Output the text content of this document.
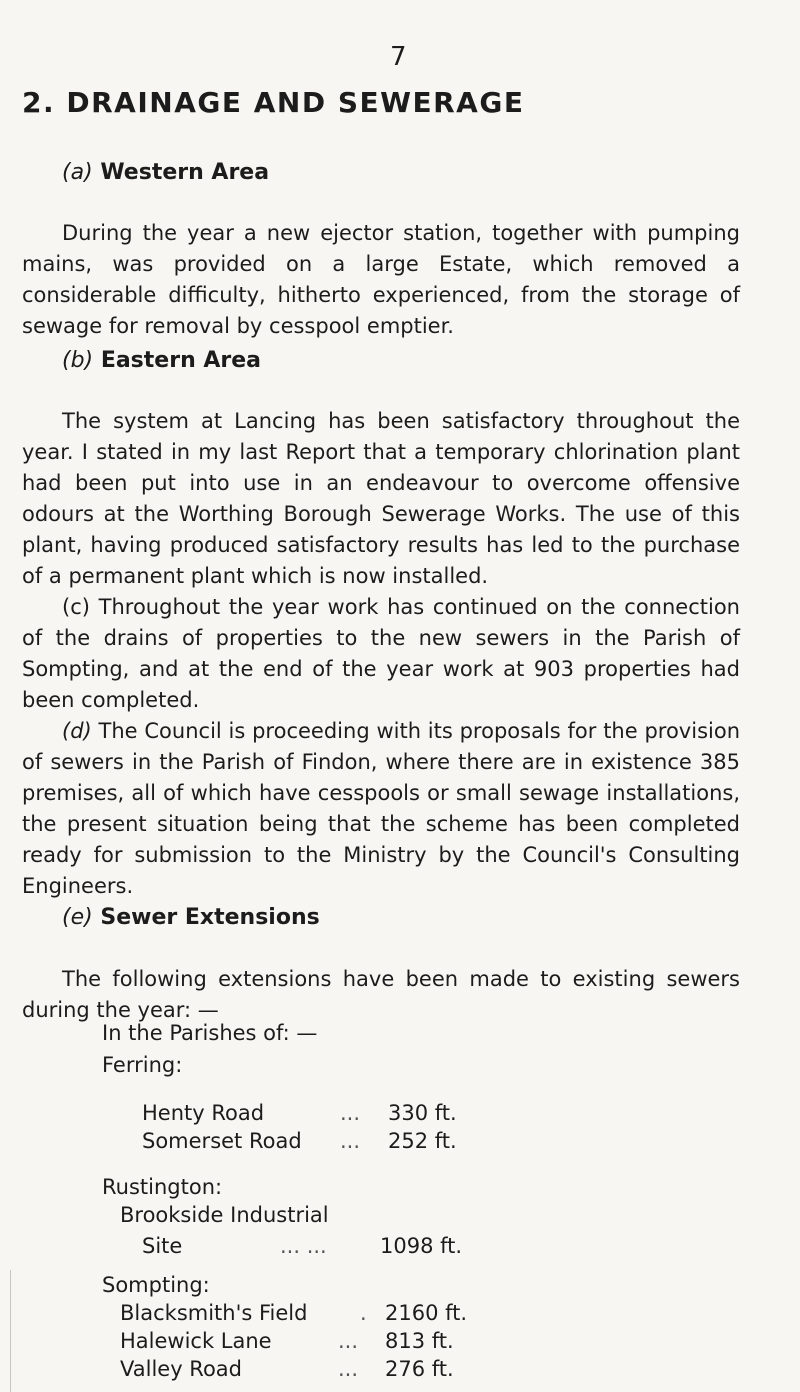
7
2. DRAINAGE AND SEWERAGE
(a) Western Area

During the year a new ejector station, together with pumping mains, was provided on a large Estate, which removed a considerable difficulty, hitherto experienced, from the storage of sewage for removal by cesspool emptier.

(b) Eastern Area

The system at Lancing has been satisfactory throughout the year. I stated in my last Report that a temporary chlorination plant had been put into use in an endeavour to overcome offensive odours at the Worthing Borough Sewerage Works. The use of this plant, having produced satisfactory results has led to the purchase of a permanent plant which is now installed.

(c) Throughout the year work has continued on the connection of the drains of properties to the new sewers in the Parish of Sompting, and at the end of the year work at 903 properties had been completed.

(d) The Council is proceeding with its proposals for the provision of sewers in the Parish of Findon, where there are in existence 385 premises, all of which have cesspools or small sewage installations, the present situation being that the scheme has been completed ready for submission to the Ministry by the Council's Consulting Engineers.

(e) Sewer Extensions

The following extensions have been made to existing sewers during the year: —

In the Parishes of: —
Ferring:
Henty Road	... 330 ft.
Somerset Road ... 252 ft.
Rustington:
Brookside Industrial
Site	... ...	1098 ft.
Sompting:
Blacksmith's Field	. 2160 ft.
Halewick Lane	... 813 ft.
Valley Road	... 276 ft.
